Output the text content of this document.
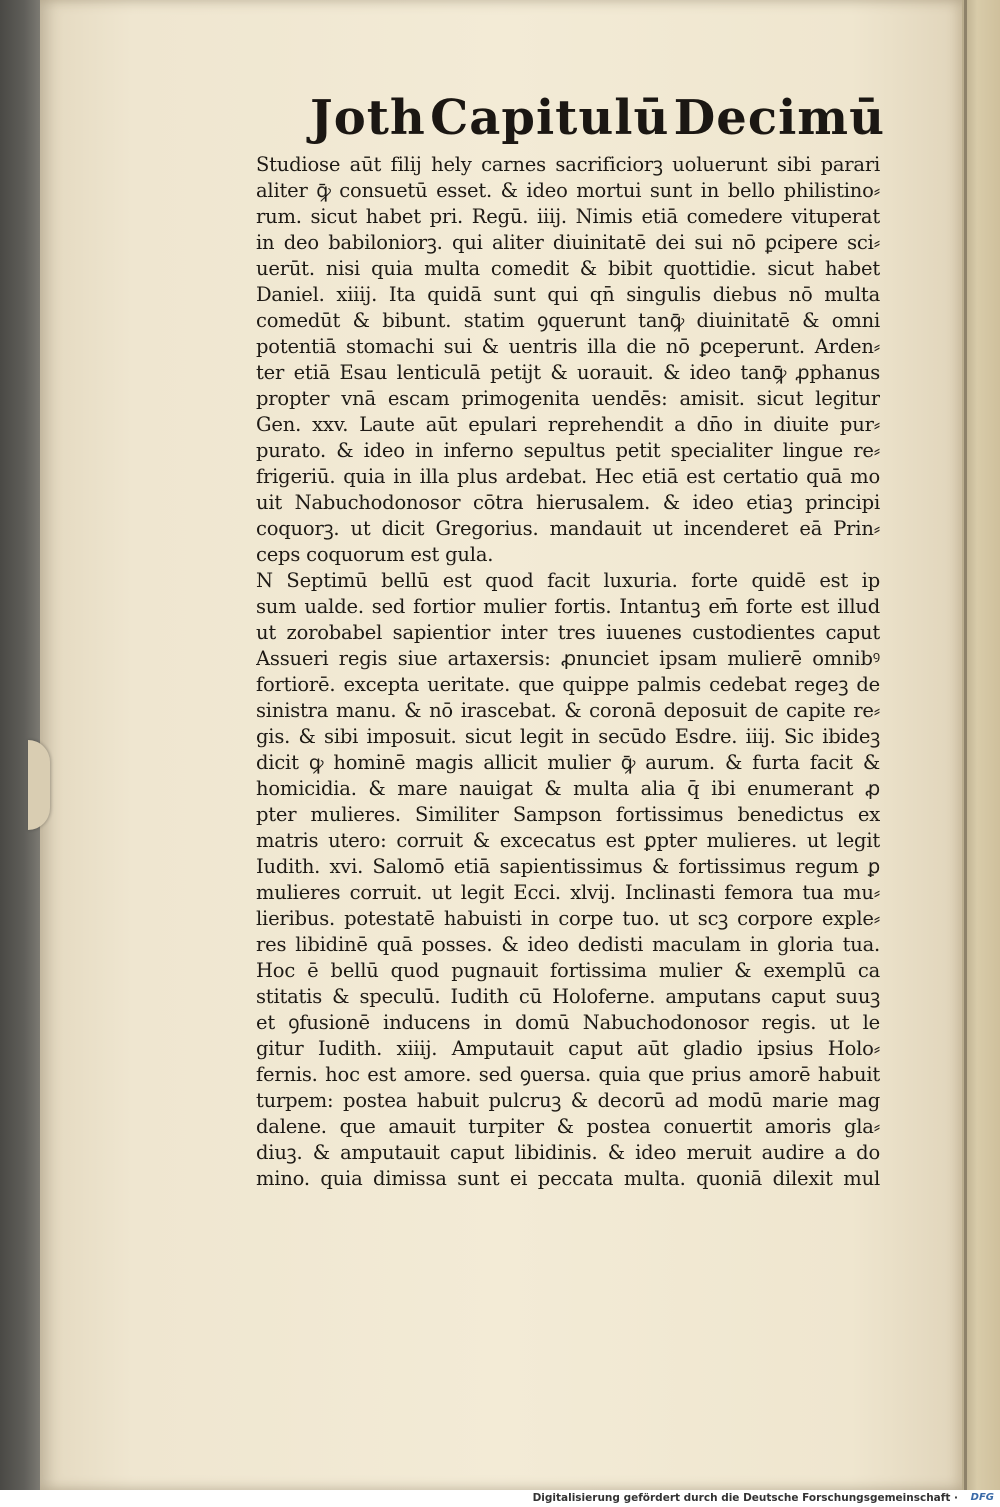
Joth Capitulū Decimū
Studiose aūt filij hely carnes sacrificiorꝫ uoluerunt sibi parari
aliter ꝙ̄ consuetū esset. & ideo mortui sunt in bello philistino⸗
rum. sicut habet pri. Regū. iiij. Nimis etiā comedere vituperat
in deo babiloniorꝫ. qui aliter diuinitatē dei sui nō ꝑcipere sci⸗
uerūt. nisi quia multa comedit & bibit quottidie. sicut habet
Daniel. xiiij. Ita quidā sunt qui qn̄ singulis diebus nō multa
comedūt & bibunt. statim ꝯquerunt tanꝙ̄ diuinitatē & omni
potentiā stomachi sui & uentris illa die nō ꝑceperunt. Arden⸗
ter etiā Esau lenticulā petijt & uorauit. & ideo tanꝙ̄ ꝓphanus
propter vnā escam primogenita uendēs: amisit. sicut legitur
Gen. xxv. Laute aūt epulari reprehendit a dn̄o in diuite pur⸗
purato. & ideo in inferno sepultus petit specialiter lingue re⸗
frigeriū. quia in illa plus ardebat. Hec etiā est certatio quā mo
uit Nabuchodonosor cōtra hierusalem. & ideo etiaꝫ principi
coquorꝫ. ut dicit Gregorius. mandauit ut incenderet eā Prin⸗
ceps coquorum est gula.
N Septimū bellū est quod facit luxuria. forte quidē est ip
sum ualde. sed fortior mulier fortis. Intantuꝫ em̄ forte est illud
ut zorobabel sapientior inter tres iuuenes custodientes caput
Assueri regis siue artaxersis: ꝓnunciet ipsam mulierē omnibꝰ
fortiorē. excepta ueritate. que quippe palmis cedebat regeꝫ de
sinistra manu. & nō irascebat. & coronā deposuit de capite re⸗
gis. & sibi imposuit. sicut legit in secūdo Esdre. iiij. Sic ibideꝫ
dicit ꝙ hominē magis allicit mulier ꝙ̄ aurum. & furta facit &
homicidia. & mare nauigat & multa alia q̄ ibi enumerant ꝓ
pter mulieres. Similiter Sampson fortissimus benedictus ex
matris utero: corruit & excecatus est ꝑpter mulieres. ut legit
Iudith. xvi. Salomō etiā sapientissimus & fortissimus regum ꝑ
mulieres corruit. ut legit Ecci. xlvij. Inclinasti femora tua mu⸗
lieribus. potestatē habuisti in corpe tuo. ut scꝫ corpore exple⸗
res libidinē quā posses. & ideo dedisti maculam in gloria tua.
Hoc ē bellū quod pugnauit fortissima mulier & exemplū ca
stitatis & speculū. Iudith cū Holoferne. amputans caput suuꝫ
et ꝯfusionē inducens in domū Nabuchodonosor regis. ut le
gitur Iudith. xiiij. Amputauit caput aūt gladio ipsius Holo⸗
fernis. hoc est amore. sed ꝯuersa. quia que prius amorē habuit
turpem: postea habuit pulcruꝫ & decorū ad modū marie mag
dalene. que amauit turpiter & postea conuertit amoris gla⸗
diuꝫ. & amputauit caput libidinis. & ideo meruit audire a do
mino. quia dimissa sunt ei peccata multa. quoniā dilexit mul
Digitalisierung gefördert durch die Deutsche Forschungsgemeinschaft · DFG
